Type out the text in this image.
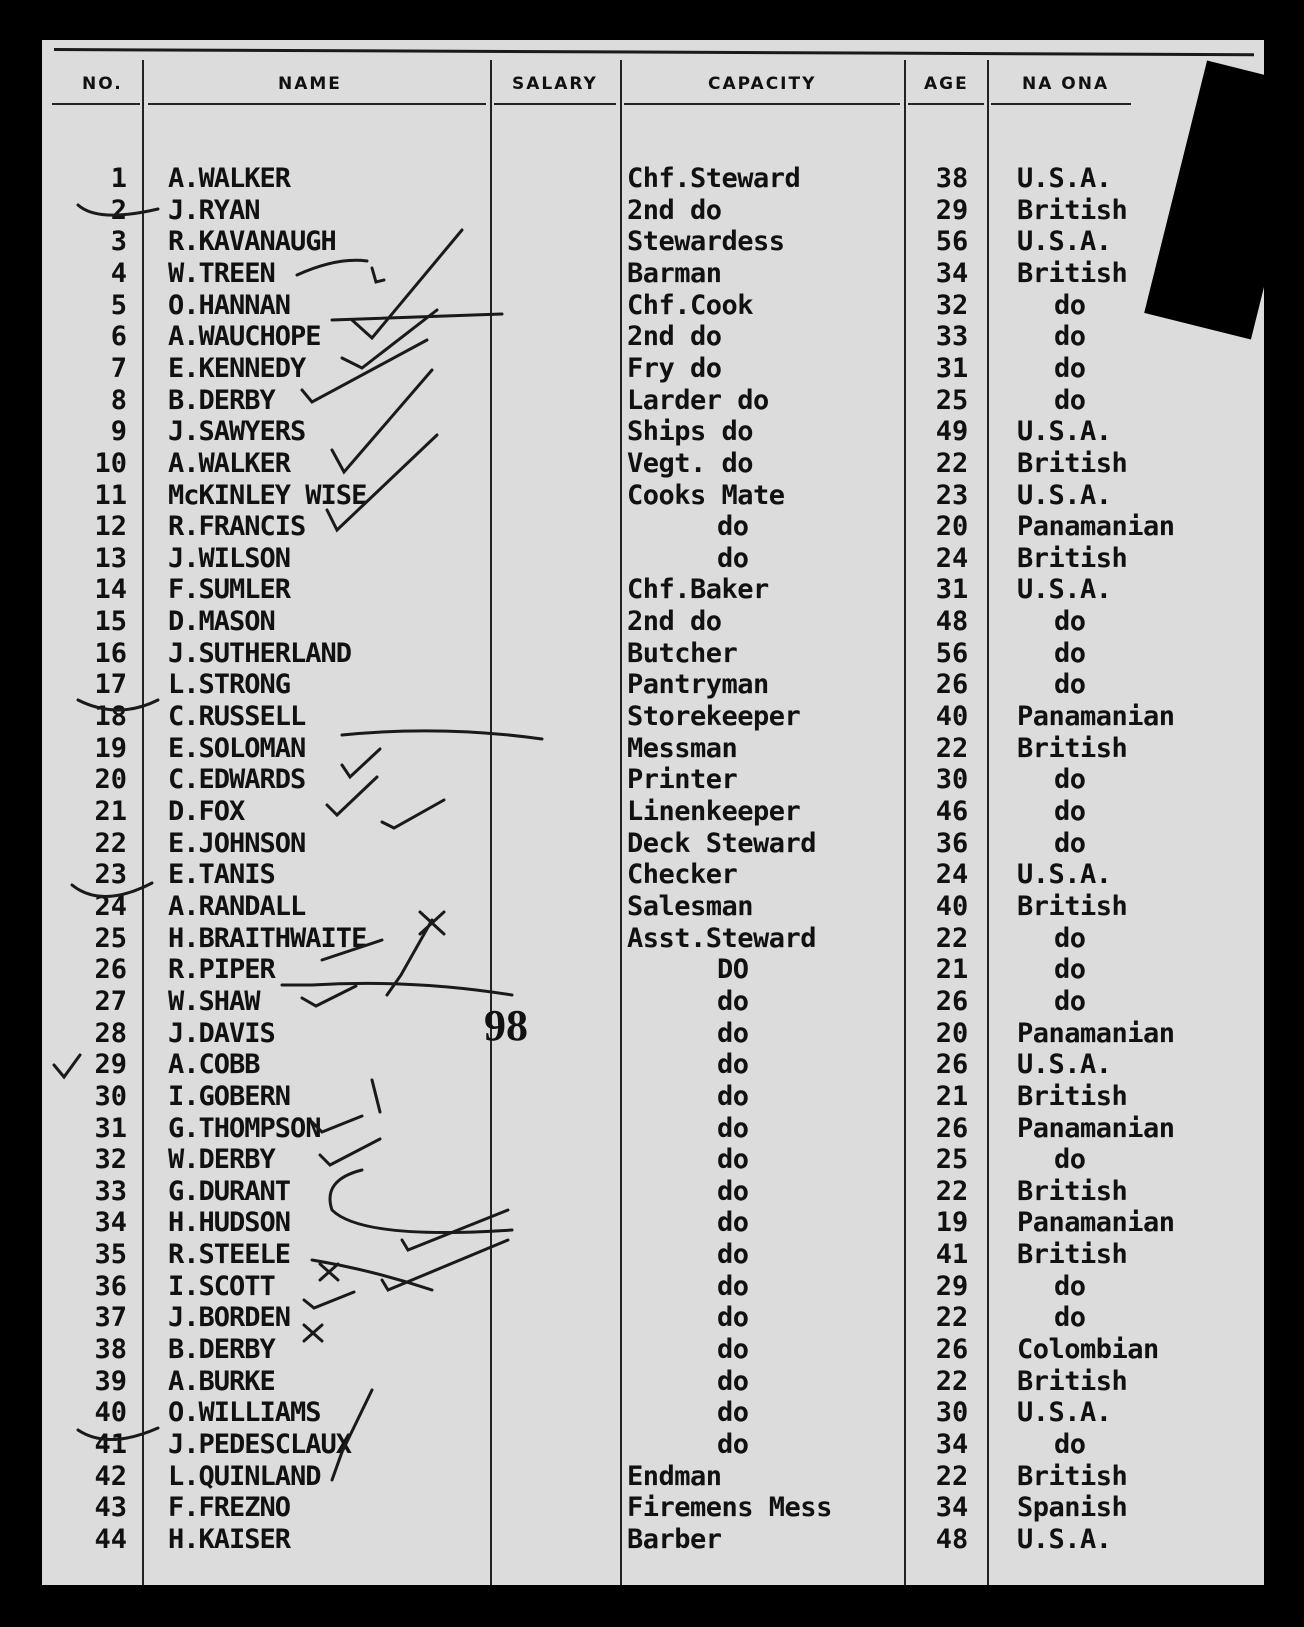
NO.	NAME	SALARY	CAPACITY	AGE	NA ONA
1 A.WALKER	Chf.Steward	38	U.S.A.
2 J.RYAN	2nd do	29	British
3 R.KAVANAUGH	Stewardess	56	U.S.A.
4 W.TREEN	Barman	34	British
5 O.HANNAN	Chf.Cook	32	do
6 A.WAUCHOPE	2nd do	33	do
7 E.KENNEDY	Fry do	31	do
8 B.DERBY	Larder do	25	do
9 J.SAWYERS	Ships do	49	U.S.A.
10 A.WALKER	Vegt. do	22	British
11 McKINLEY WISE	Cooks Mate	23	U.S.A.
12 R.FRANCIS	do	20	Panamanian
13 J.WILSON	do	24	British
14 F.SUMLER	Chf.Baker	31	U.S.A.
15 D.MASON	2nd do	48	do
16 J.SUTHERLAND	Butcher	56	do
17 L.STRONG	Pantryman	26	do
18 C.RUSSELL	Storekeeper	40	Panamanian
19 E.SOLOMAN	Messman	22	British
20 C.EDWARDS	Printer	30	do
21 D.FOX	Linenkeeper	46	do
22 E.JOHNSON	Deck Steward	36	do
23 E.TANIS	Checker	24	U.S.A.
24 A.RANDALL	Salesman	40	British
25 H.BRAITHWAITE	Asst.Steward	22	do
26 R.PIPER	DO	21	do
27 W.SHAW	do	26	do
28 J.DAVIS	do	20	Panamanian
29 A.COBB	do	26	U.S.A.
30 I.GOBERN	do	21	British
31 G.THOMPSON	do	26	Panamanian
32 W.DERBY	do	25	do
33 G.DURANT	do	22	British
34 H.HUDSON	do	19	Panamanian
35 R.STEELE	do	41	British
36 I.SCOTT	do	29	do
37 J.BORDEN	do	22	do
38 B.DERBY	do	26	Colombian
39 A.BURKE	do	22	British
40 O.WILLIAMS	do	30	U.S.A.
41 J.PEDESCLAUX	do	34	do
42 L.QUINLAND	Endman	22	British
43 F.FREZNO	Firemens Mess	34	Spanish
44 H.KAISER	Barber	48	U.S.A.
98
